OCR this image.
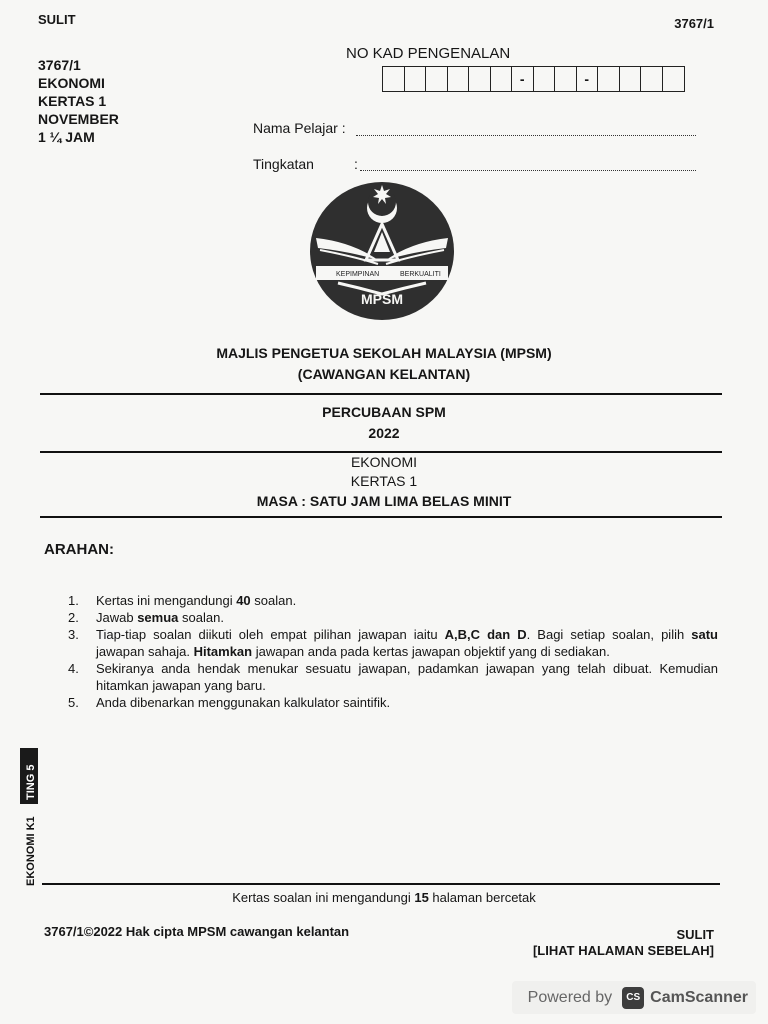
SULIT	3767/1
3767/1
EKONOMI
KERTAS 1
NOVEMBER
1 ¼ JAM
NO KAD PENGENALAN
-	-
Nama Pelajar :
Tingkatan	:
KEPIMPINAN	BERKUALITI
MPSM
MAJLIS PENGETUA SEKOLAH MALAYSIA (MPSM)
(CAWANGAN KELANTAN)
PERCUBAAN SPM
2022
EKONOMI
KERTAS 1
MASA : SATU JAM LIMA BELAS MINIT
ARAHAN:
1.	Kertas ini mengandungi 40 soalan.
2.	Jawab semua soalan.
3.	Tiap-tiap soalan diikuti oleh empat pilihan jawapan iaitu A,B,C dan D. Bagi setiap soalan, pilih satu jawapan sahaja. Hitamkan jawapan anda pada kertas jawapan objektif yang di sediakan.
4.	Sekiranya anda hendak menukar sesuatu jawapan, padamkan jawapan yang telah dibuat. Kemudian hitamkan jawapan yang baru.
5.	Anda dibenarkan menggunakan kalkulator saintifik.
TING 5
EKONOMI K1
Kertas soalan ini mengandungi 15 halaman bercetak
3767/1©2022 Hak cipta MPSM cawangan kelantan	SULIT
[LIHAT HALAMAN SEBELAH]
Powered by	CS CamScanner
